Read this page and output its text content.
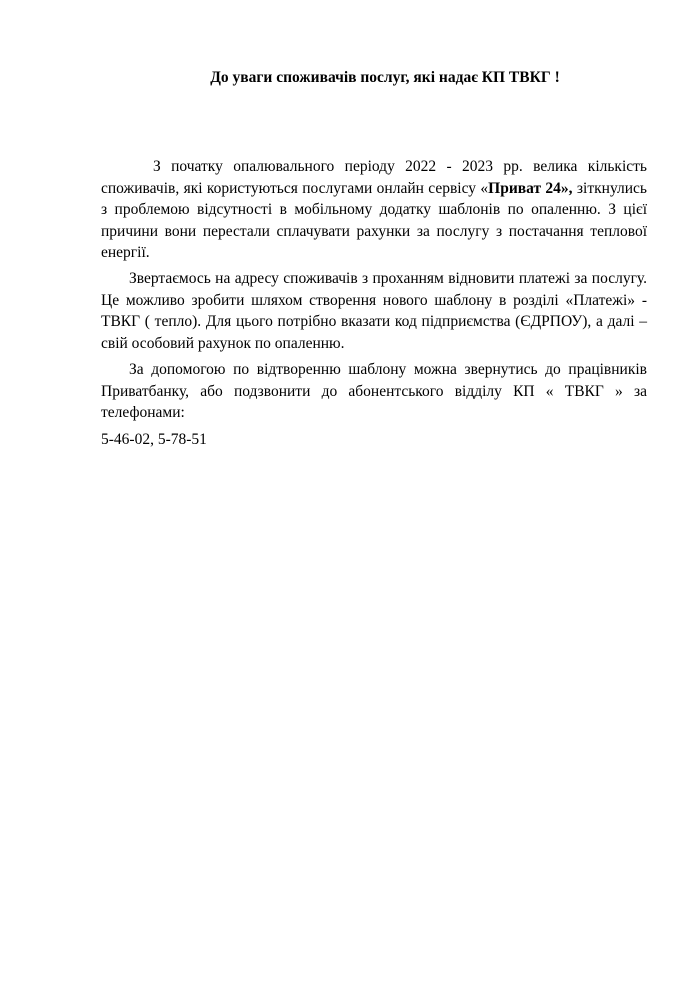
До уваги споживачів послуг, які надає КП ТВКГ !

З початку опалювального періоду 2022 - 2023 рр. велика кількість споживачів, які користуються послугами онлайн сервісу «Приват 24», зіткнулись з проблемою відсутності в мобільному додатку шаблонів по опаленню. З цієї причини вони перестали сплачувати рахунки за послугу з постачання теплової енергії.

Звертаємось на адресу споживачів з проханням відновити платежі за послугу. Це можливо зробити шляхом створення нового шаблону в розділі «Платежі» - ТВКГ ( тепло). Для цього потрібно вказати код підприємства (ЄДРПОУ), а далі – свій особовий рахунок по опаленню.

За допомогою по відтворенню шаблону можна звернутись до працівників Приватбанку, або подзвонити до абонентського відділу КП « ТВКГ » за телефонами:

5-46-02, 5-78-51
